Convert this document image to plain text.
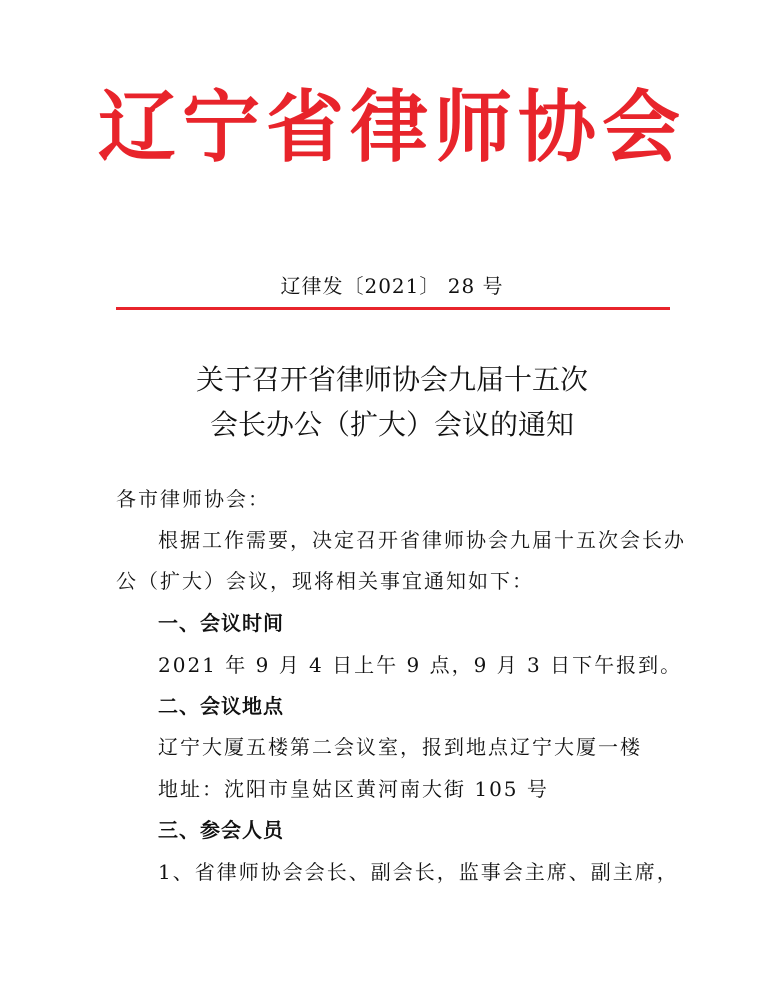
辽宁省律师协会
辽律发〔2021〕 28 号
关于召开省律师协会九届十五次
会长办公（扩大）会议的通知
各市律师协会：
根据工作需要，决定召开省律师协会九届十五次会长办
公（扩大）会议，现将相关事宜通知如下：
一、会议时间
2021 年 9 月 4 日上午 9 点，9 月 3 日下午报到。
二、会议地点
辽宁大厦五楼第二会议室，报到地点辽宁大厦一楼
地址：沈阳市皇姑区黄河南大街 105 号
三、参会人员
1、省律师协会会长、副会长，监事会主席、副主席，
